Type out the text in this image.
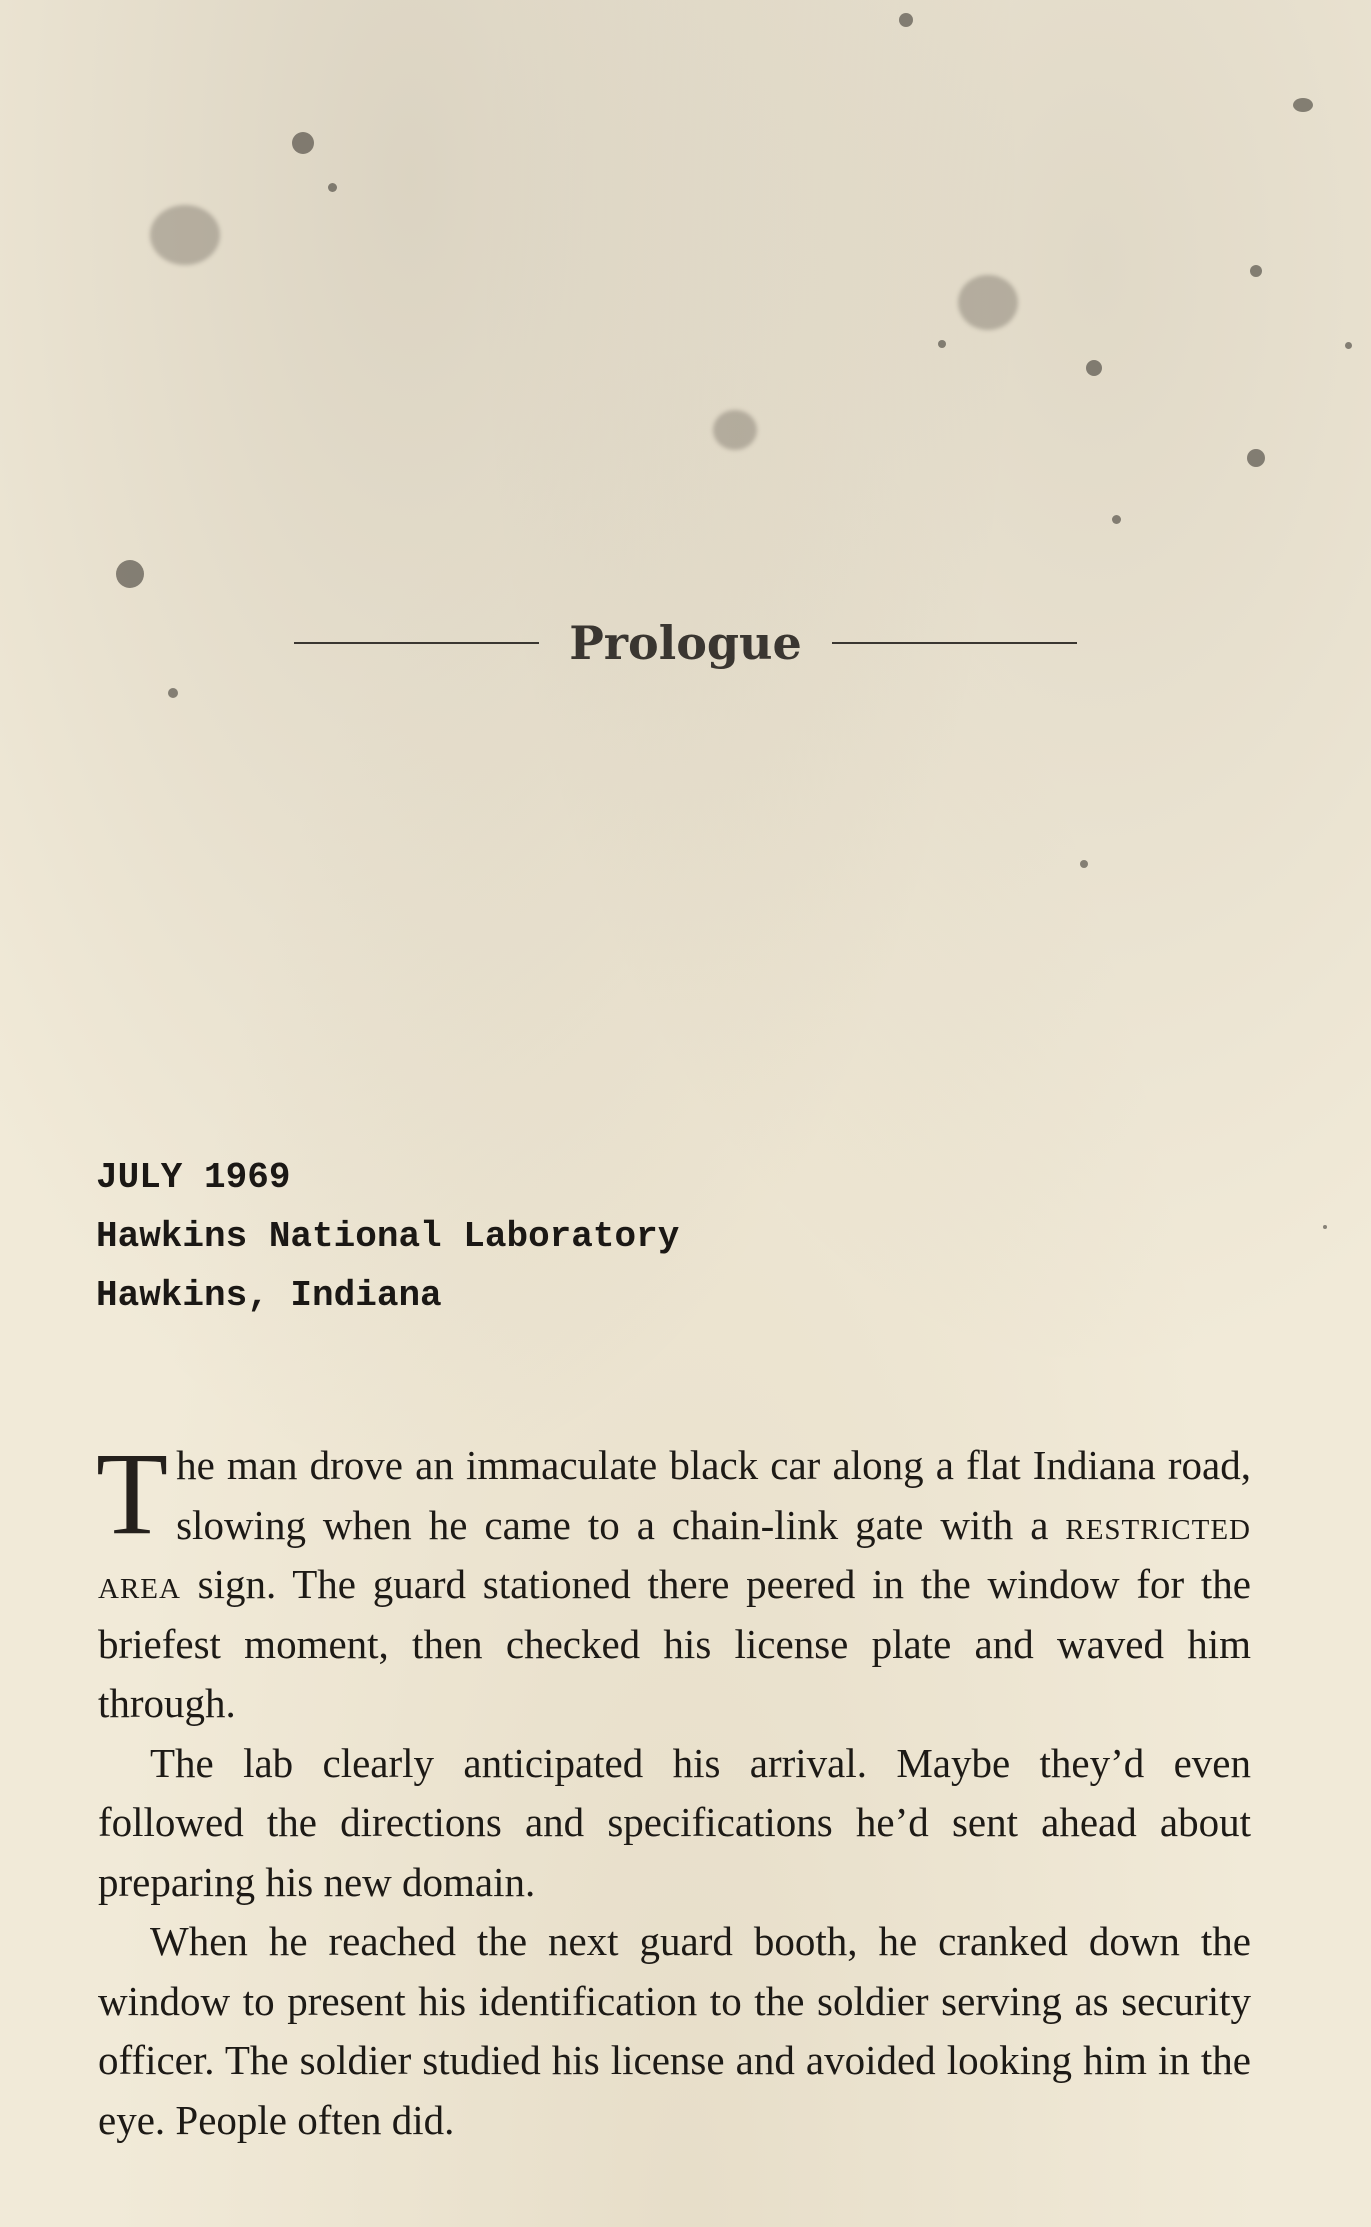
Prologue
JULY 1969
Hawkins National Laboratory
Hawkins, Indiana

The man drove an immaculate black car along a flat Indiana road, slowing when he came to a chain-link gate with a restricted area sign. The guard stationed there peered in the window for the briefest moment, then checked his license plate and waved him through.

The lab clearly anticipated his arrival. Maybe they’d even followed the directions and specifications he’d sent ahead about preparing his new domain.

When he reached the next guard booth, he cranked down the window to present his identification to the soldier serving as security officer. The soldier studied his license and avoided looking him in the eye. People often did.
